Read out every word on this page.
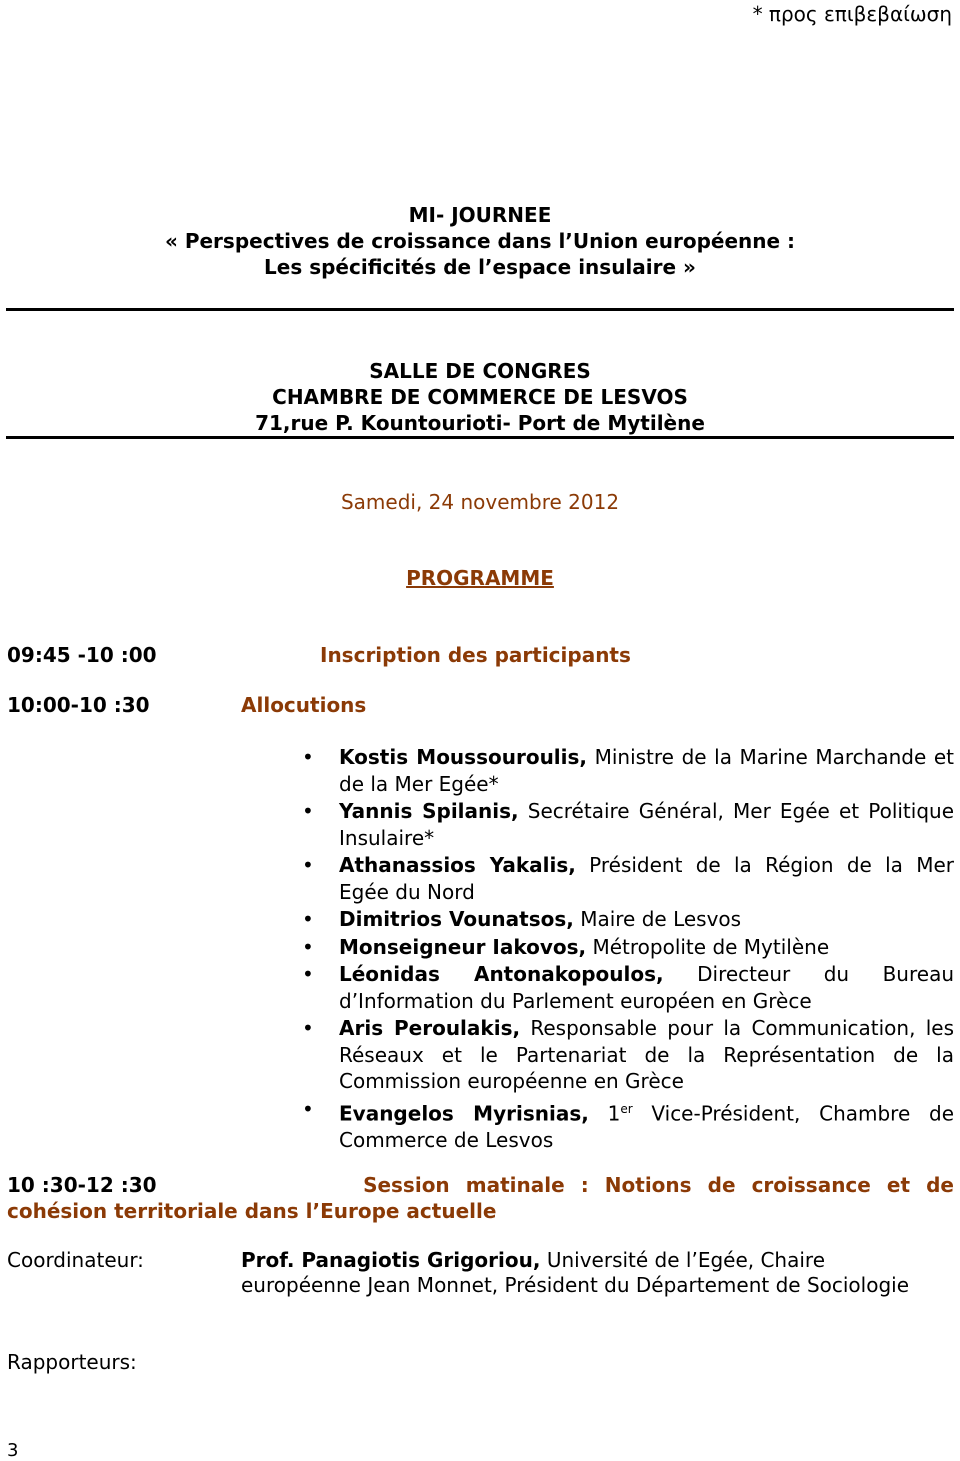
* προς επιβεβαίωση
MI- JOURNEE
« Perspectives de croissance dans l’Union européenne :
Les spécificités de l’espace insulaire »
SALLE DE CONGRES
CHAMBRE DE COMMERCE DE LESVOS
71,rue P. Kountourioti- Port de Mytilène
Samedi, 24 novembre 2012
PROGRAMME
09:45 -10 :00	Inscription des participants
10:00-10 :30	Allocutions
• Kostis Moussouroulis, Ministre de la Marine Marchande et de la Mer Egée*
• Yannis Spilanis, Secrétaire Général, Mer Egée et Politique Insulaire*
• Athanassios Yakalis, Président de la Région de la Mer Egée du Nord
• Dimitrios Vounatsos, Maire de Lesvos
• Monseigneur Iakovos, Métropolite de Mytilène
• Léonidas Antonakopoulos, Directeur du Bureau d’Information du Parlement européen en Grèce
• Aris Peroulakis, Responsable pour la Communication, les Réseaux et le Partenariat de la Représentation de la Commission européenne en Grèce
• Evangelos Myrisnias, 1er Vice-Président, Chambre de Commerce de Lesvos
10 :30-12 :30	Session matinale : Notions de croissance et de
cohésion territoriale dans l’Europe actuelle
Coordinateur:	Prof. Panagiotis Grigoriou, Université de l’Egée, Chaire européenne Jean Monnet, Président du Département de Sociologie
Rapporteurs:
3
